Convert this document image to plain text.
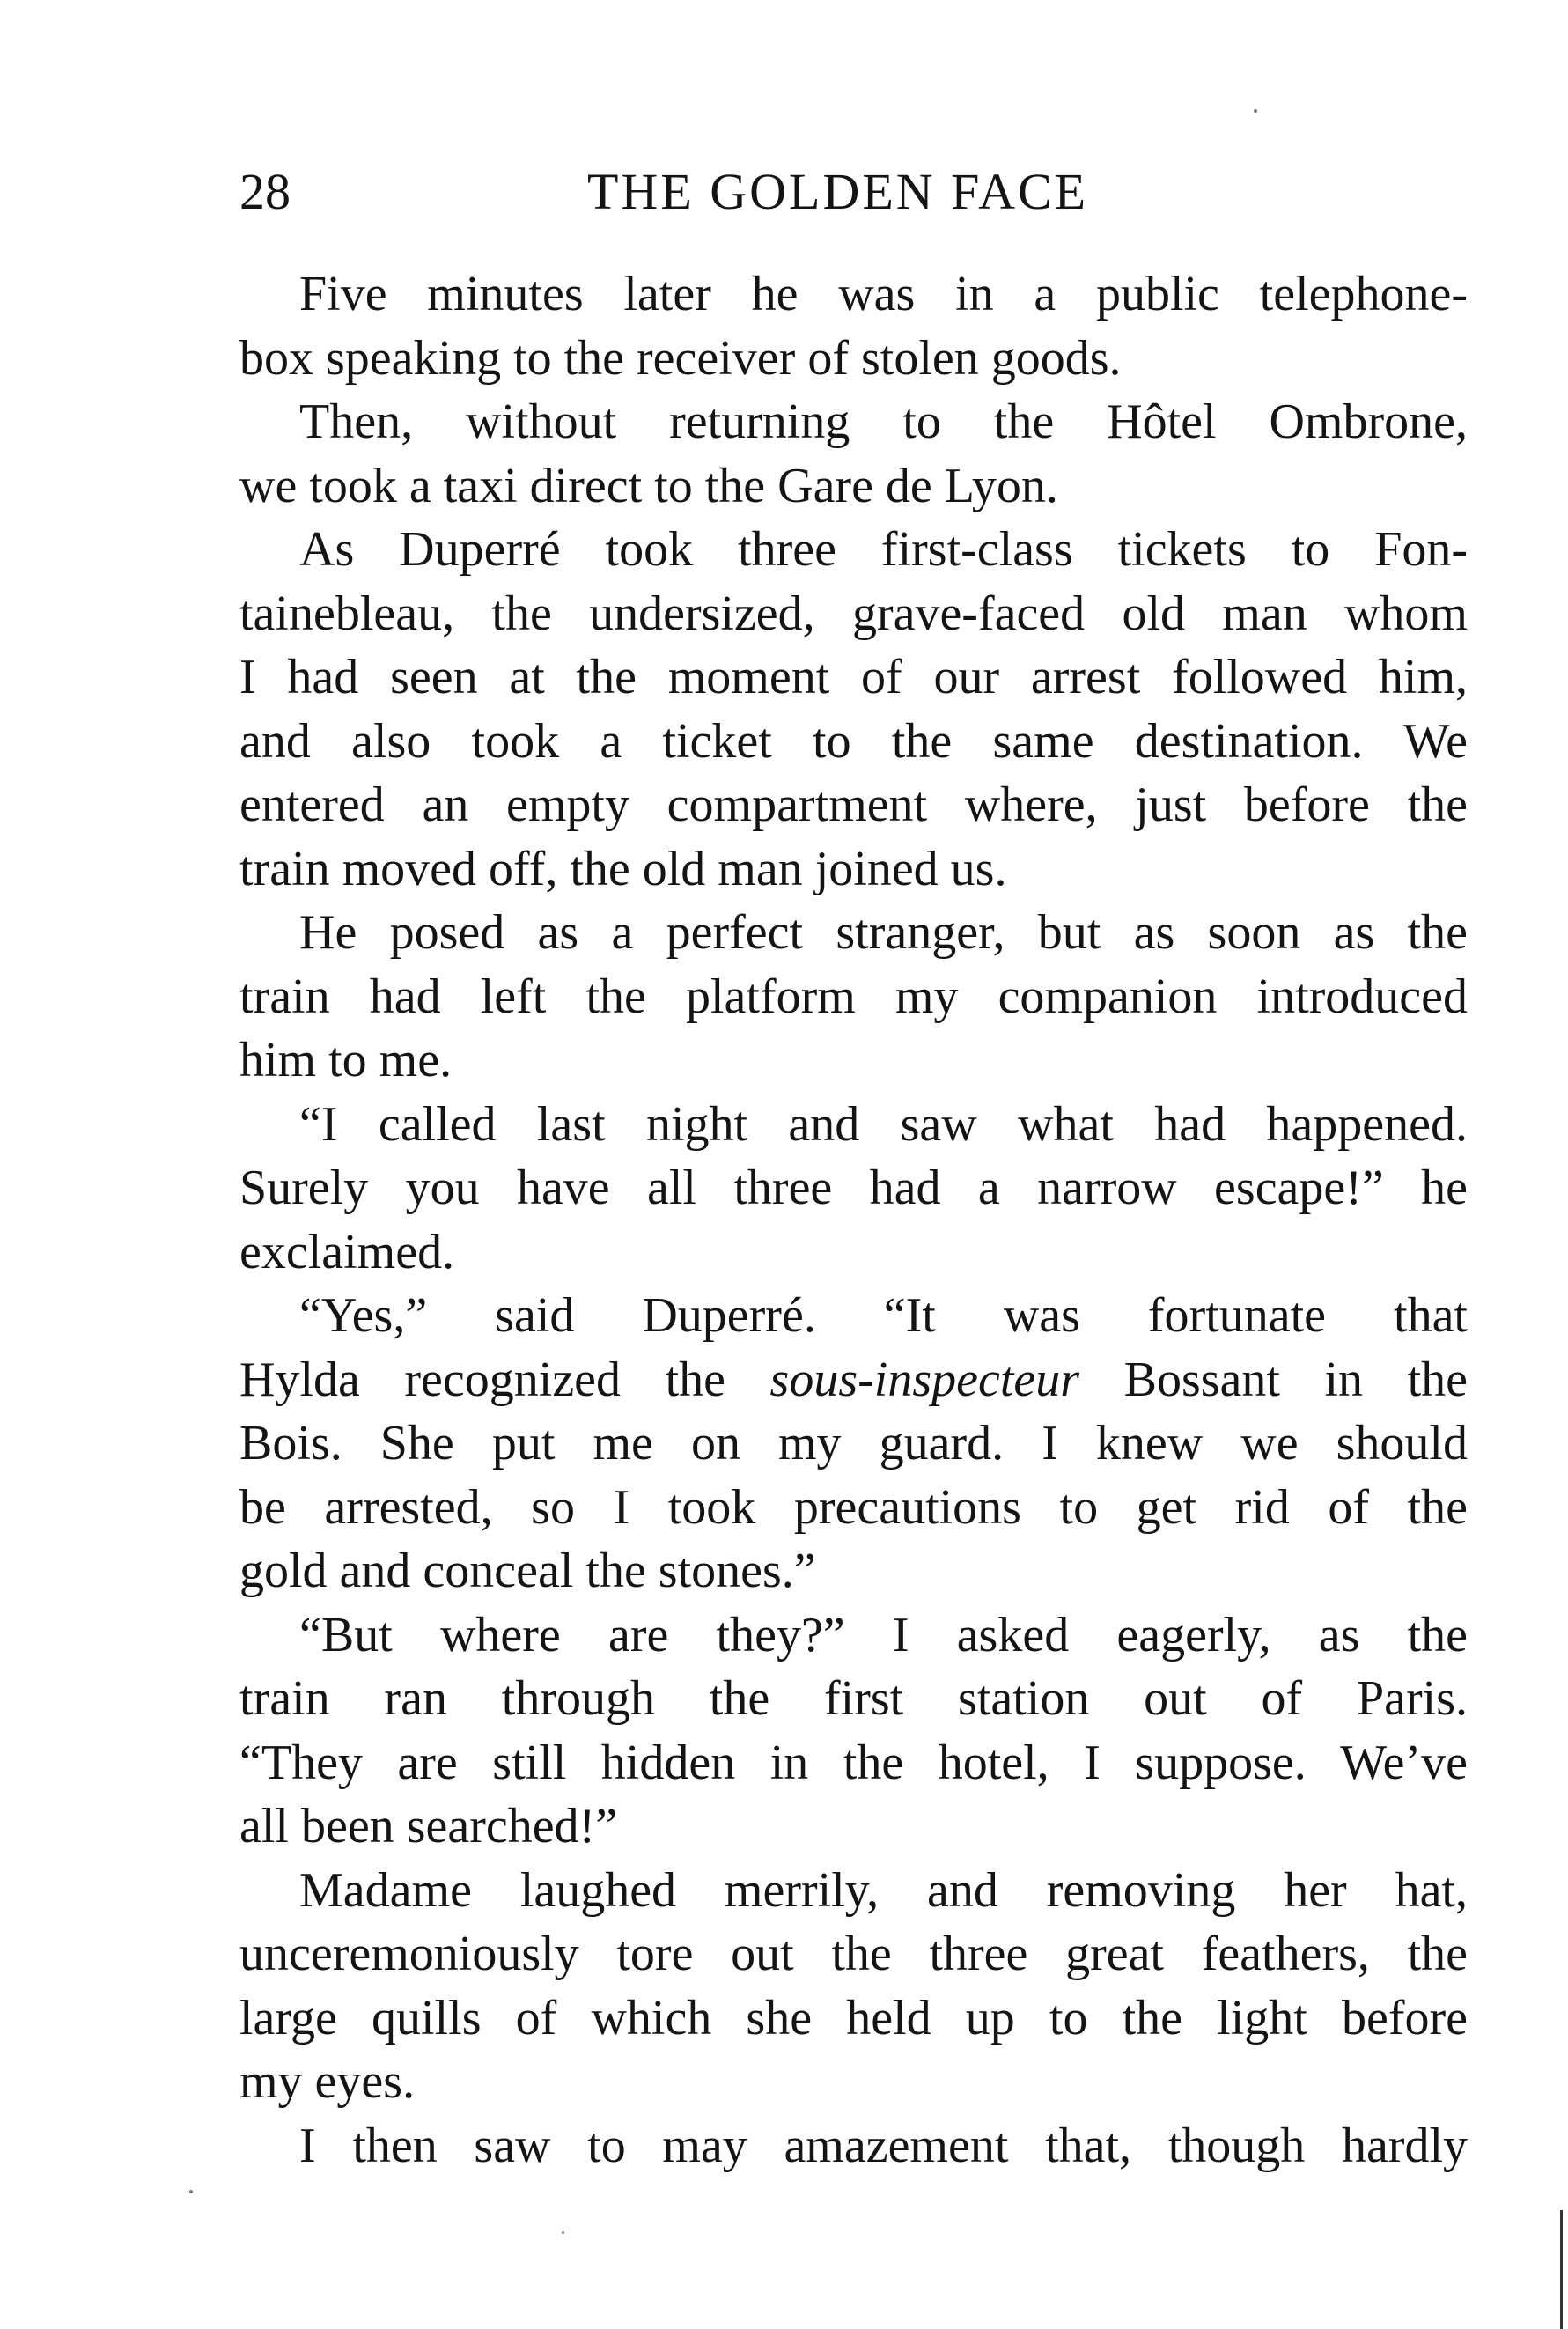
28	THE GOLDEN FACE
Five minutes later he was in a public telephone-
box speaking to the receiver of stolen goods.
Then, without returning to the Hôtel Ombrone,
we took a taxi direct to the Gare de Lyon.
As Duperré took three first-class tickets to Fon-
tainebleau, the undersized, grave-faced old man whom
I had seen at the moment of our arrest followed him,
and also took a ticket to the same destination. We
entered an empty compartment where, just before the
train moved off, the old man joined us.
He posed as a perfect stranger, but as soon as the
train had left the platform my companion introduced
him to me.
“I called last night and saw what had happened.
Surely you have all three had a narrow escape!” he
exclaimed.
“Yes,” said Duperré. “It was fortunate that
Hylda recognized the sous-inspecteur Bossant in the
Bois. She put me on my guard. I knew we should
be arrested, so I took precautions to get rid of the
gold and conceal the stones.”
“But where are they?” I asked eagerly, as the
train ran through the first station out of Paris.
“They are still hidden in the hotel, I suppose. We’ve
all been searched!”
Madame laughed merrily, and removing her hat,
unceremoniously tore out the three great feathers, the
large quills of which she held up to the light before
my eyes.
I then saw to may amazement that, though hardly
